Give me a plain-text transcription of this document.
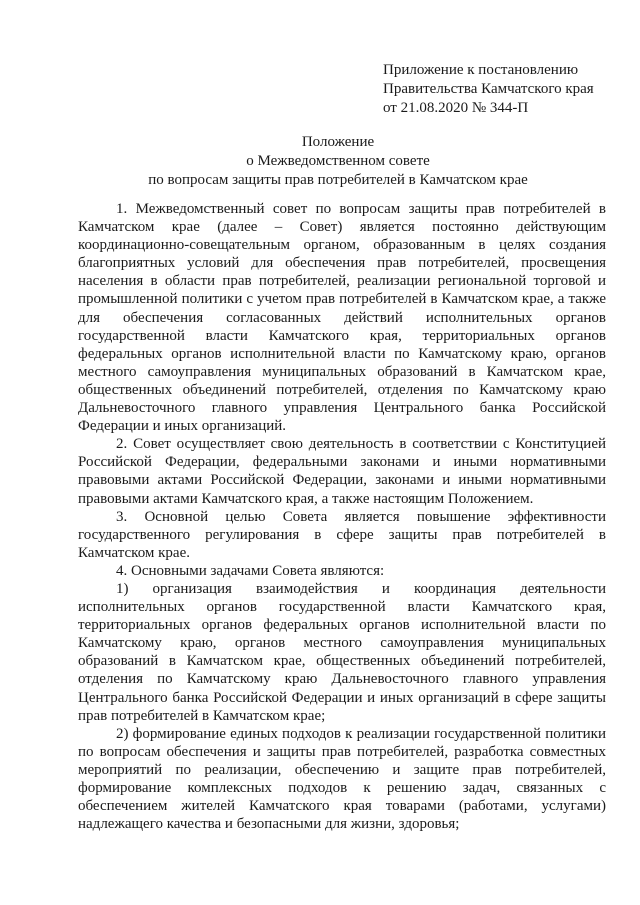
Приложение к постановлению
Правительства Камчатского края
от 21.08.2020 № 344-П
Положение
о Межведомственном совете
по вопросам защиты прав потребителей в Камчатском крае

1. Межведомственный совет по вопросам защиты прав потребителей в Камчатском крае (далее – Совет) является постоянно действующим координационно-совещательным органом, образованным в целях создания благоприятных условий для обеспечения прав потребителей, просвещения населения в области прав потребителей, реализации региональной торговой и промышленной политики с учетом прав потребителей в Камчатском крае, а также для обеспечения согласованных действий исполнительных органов государственной власти Камчатского края, территориальных органов федеральных органов исполнительной власти по Камчатскому краю, органов местного самоуправления муниципальных образований в Камчатском крае, общественных объединений потребителей, отделения по Камчатскому краю Дальневосточного главного управления Центрального банка Российской Федерации и иных организаций.

2. Совет осуществляет свою деятельность в соответствии с Конституцией Российской Федерации, федеральными законами и иными нормативными правовыми актами Российской Федерации, законами и иными нормативными правовыми актами Камчатского края, а также настоящим Положением.

3. Основной целью Совета является повышение эффективности государственного регулирования в сфере защиты прав потребителей в Камчатском крае.

4. Основными задачами Совета являются:

1) организация взаимодействия и координация деятельности исполнительных органов государственной власти Камчатского края, территориальных органов федеральных органов исполнительной власти по Камчатскому краю, органов местного самоуправления муниципальных образований в Камчатском крае, общественных объединений потребителей, отделения по Камчатскому краю Дальневосточного главного управления Центрального банка Российской Федерации и иных организаций в сфере защиты прав потребителей в Камчатском крае;

2) формирование единых подходов к реализации государственной политики по вопросам обеспечения и защиты прав потребителей, разработка совместных мероприятий по реализации, обеспечению и защите прав потребителей, формирование комплексных подходов к решению задач, связанных с обеспечением жителей Камчатского края товарами (работами, услугами) надлежащего качества и безопасными для жизни, здоровья;
